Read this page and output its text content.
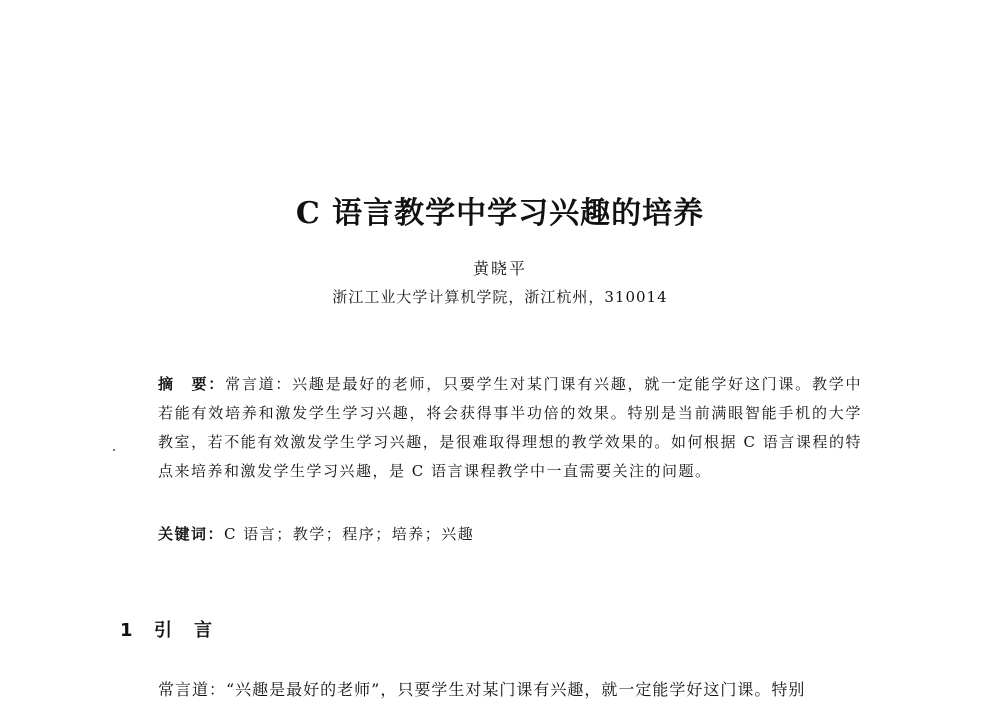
C 语言教学中学习兴趣的培养
黄晓平
浙江工业大学计算机学院，浙江杭州，310014
摘　要：常言道：兴趣是最好的老师，只要学生对某门课有兴趣，就一定能学好这门课。教学中若能有效培养和激发学生学习兴趣，将会获得事半功倍的效果。特别是当前满眼智能手机的大学教室，若不能有效激发学生学习兴趣，是很难取得理想的教学效果的。如何根据 C 语言课程的特点来培养和激发学生学习兴趣，是 C 语言课程教学中一直需要关注的问题。
关键词：C 语言；教学；程序；培养；兴趣
1 引　言
常言道：“兴趣是最好的老师”，只要学生对某门课有兴趣，就一定能学好这门课。特别
